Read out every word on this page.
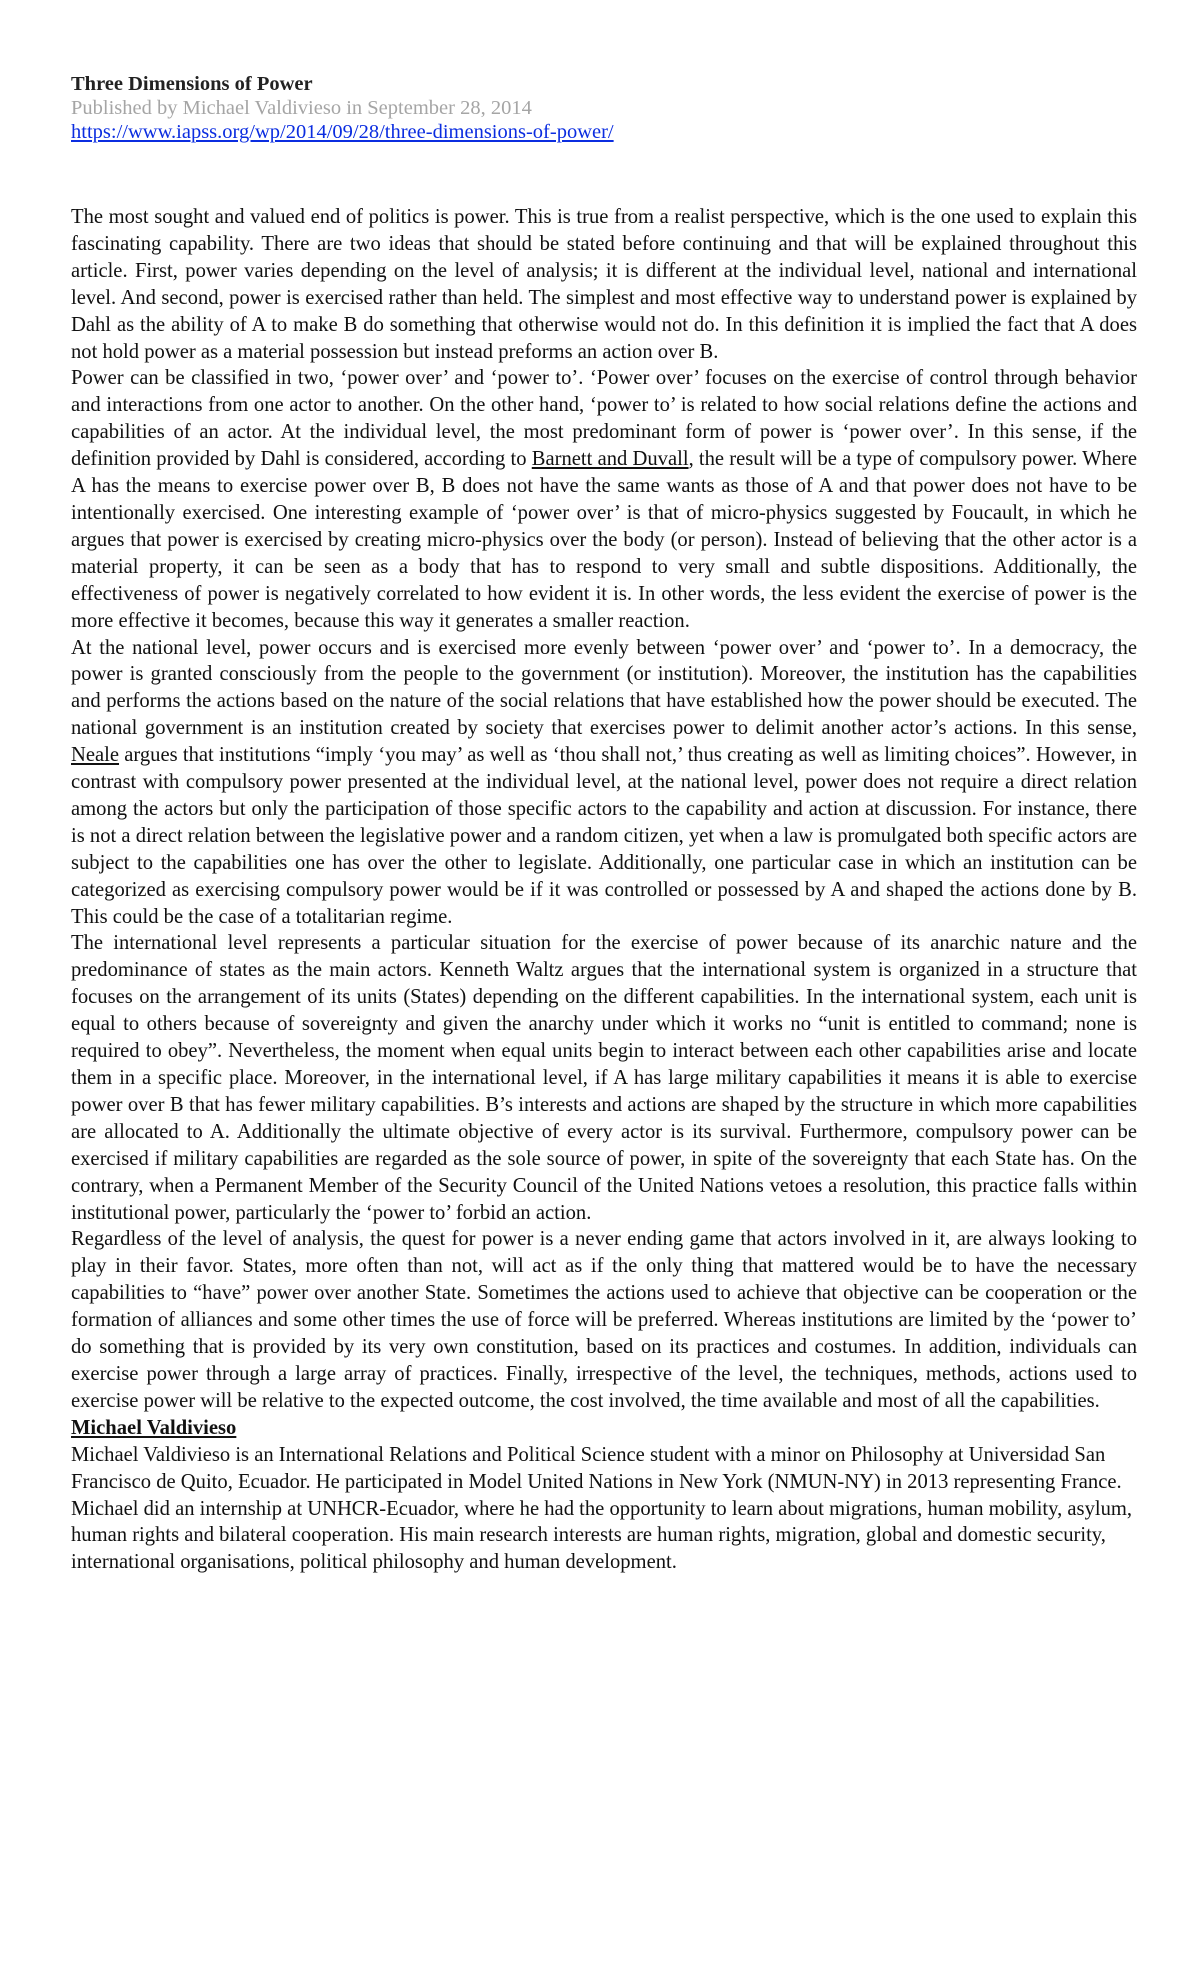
Three Dimensions of Power
Published by Michael Valdivieso in September 28, 2014
https://www.iapss.org/wp/2014/09/28/three-dimensions-of-power/

The most sought and valued end of politics is power. This is true from a realist perspective, which is the one used to explain this fascinating capability. There are two ideas that should be stated before continuing and that will be explained throughout this article. First, power varies depending on the level of analysis; it is different at the individual level, national and international level. And second, power is exercised rather than held. The simplest and most effective way to understand power is explained by Dahl as the ability of A to make B do something that otherwise would not do. In this definition it is implied the fact that A does not hold power as a material possession but instead preforms an action over B.

Power can be classified in two, ‘power over’ and ‘power to’. ‘Power over’ focuses on the exercise of control through behavior and interactions from one actor to another. On the other hand, ‘power to’ is related to how social relations define the actions and capabilities of an actor. At the individual level, the most predominant form of power is ‘power over’. In this sense, if the definition provided by Dahl is considered, according to Barnett and Duvall, the result will be a type of compulsory power. Where A has the means to exercise power over B, B does not have the same wants as those of A and that power does not have to be intentionally exercised. One interesting example of ‘power over’ is that of micro-physics suggested by Foucault, in which he argues that power is exercised by creating micro-physics over the body (or person). Instead of believing that the other actor is a material property, it can be seen as a body that has to respond to very small and subtle dispositions. Additionally, the effectiveness of power is negatively correlated to how evident it is. In other words, the less evident the exercise of power is the more effective it becomes, because this way it generates a smaller reaction.

At the national level, power occurs and is exercised more evenly between ‘power over’ and ‘power to’. In a democracy, the power is granted consciously from the people to the government (or institution). Moreover, the institution has the capabilities and performs the actions based on the nature of the social relations that have established how the power should be executed. The national government is an institution created by society that exercises power to delimit another actor’s actions. In this sense, Neale argues that institutions “imply ‘you may’ as well as ‘thou shall not,’ thus creating as well as limiting choices”. However, in contrast with compulsory power presented at the individual level, at the national level, power does not require a direct relation among the actors but only the participation of those specific actors to the capability and action at discussion. For instance, there is not a direct relation between the legislative power and a random citizen, yet when a law is promulgated both specific actors are subject to the capabilities one has over the other to legislate. Additionally, one particular case in which an institution can be categorized as exercising compulsory power would be if it was controlled or possessed by A and shaped the actions done by B. This could be the case of a totalitarian regime.

The international level represents a particular situation for the exercise of power because of its anarchic nature and the predominance of states as the main actors. Kenneth Waltz argues that the international system is organized in a structure that focuses on the arrangement of its units (States) depending on the different capabilities. In the international system, each unit is equal to others because of sovereignty and given the anarchy under which it works no “unit is entitled to command; none is required to obey”. Nevertheless, the moment when equal units begin to interact between each other capabilities arise and locate them in a specific place. Moreover, in the international level, if A has large military capabilities it means it is able to exercise power over B that has fewer military capabilities. B’s interests and actions are shaped by the structure in which more capabilities are allocated to A. Additionally the ultimate objective of every actor is its survival. Furthermore, compulsory power can be exercised if military capabilities are regarded as the sole source of power, in spite of the sovereignty that each State has. On the contrary, when a Permanent Member of the Security Council of the United Nations vetoes a resolution, this practice falls within institutional power, particularly the ‘power to’ forbid an action.

Regardless of the level of analysis, the quest for power is a never ending game that actors involved in it, are always looking to play in their favor. States, more often than not, will act as if the only thing that mattered would be to have the necessary capabilities to “have” power over another State. Sometimes the actions used to achieve that objective can be cooperation or the formation of alliances and some other times the use of force will be preferred. Whereas institutions are limited by the ‘power to’ do something that is provided by its very own constitution, based on its practices and costumes. In addition, individuals can exercise power through a large array of practices. Finally, irrespective of the level, the techniques, methods, actions used to exercise power will be relative to the expected outcome, the cost involved, the time available and most of all the capabilities.

Michael Valdivieso
Michael Valdivieso is an International Relations and Political Science student with a minor on Philosophy at Universidad San Francisco de Quito, Ecuador. He participated in Model United Nations in New York (NMUN-NY) in 2013 representing France. Michael did an internship at UNHCR-Ecuador, where he had the opportunity to learn about migrations, human mobility, asylum, human rights and bilateral cooperation. His main research interests are human rights, migration, global and domestic security, international organisations, political philosophy and human development.
